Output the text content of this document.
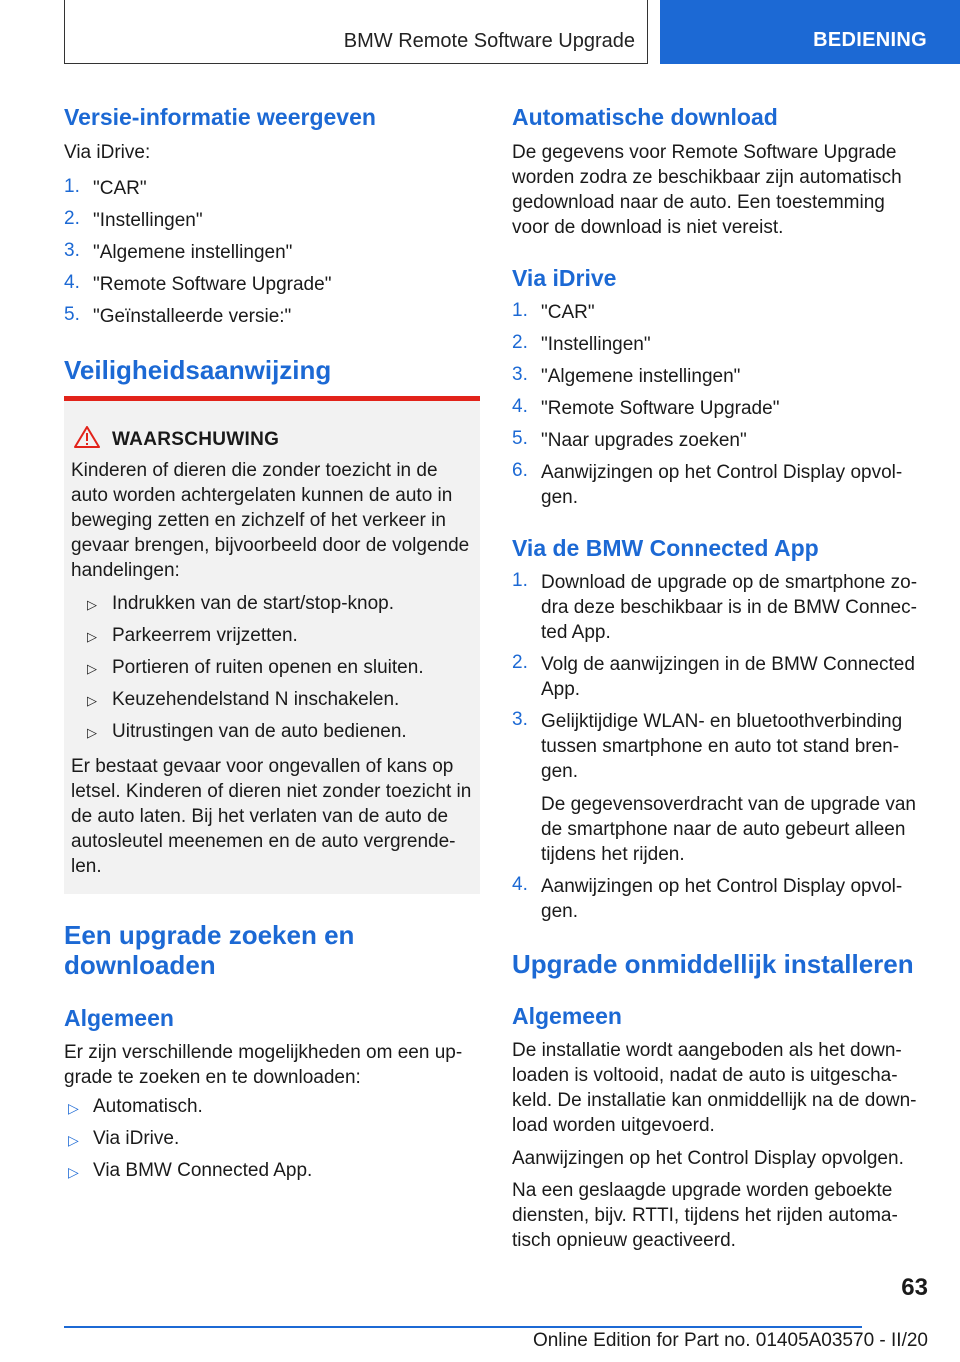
BMW Remote Software Upgrade	BEDIENING
Versie-informatie weergeven
Via iDrive:
1. "CAR"
2. "Instellingen"
3. "Algemene instellingen"
4. "Remote Software Upgrade"
5. "Geïnstalleerde versie:"
Veiligheidsaanwijzing
WAARSCHUWING
Kinderen of dieren die zonder toezicht in de auto worden achtergelaten kunnen de auto in beweging zetten en zichzelf of het verkeer in gevaar brengen, bijvoorbeeld door de volgende handelingen:
▷ Indrukken van de start/stop-knop.
▷ Parkeerrem vrijzetten.
▷ Portieren of ruiten openen en sluiten.
▷ Keuzehendelstand N inschakelen.
▷ Uitrustingen van de auto bedienen.
Er bestaat gevaar voor ongevallen of kans op letsel. Kinderen of dieren niet zonder toezicht in de auto laten. Bij het verlaten van de auto de autosleutel meenemen en de auto vergrende-len.
Een upgrade zoeken en downloaden
Algemeen
Er zijn verschillende mogelijkheden om een up-grade te zoeken en te downloaden:
▷ Automatisch.
▷ Via iDrive.
▷ Via BMW Connected App.
Automatische download
De gegevens voor Remote Software Upgrade worden zodra ze beschikbaar zijn automatisch gedownload naar de auto. Een toestemming voor de download is niet vereist.
Via iDrive
1. "CAR"
2. "Instellingen"
3. "Algemene instellingen"
4. "Remote Software Upgrade"
5. "Naar upgrades zoeken"
6. Aanwijzingen op het Control Display opvol-gen.
Via de BMW Connected App
1. Download de upgrade op de smartphone zo-dra deze beschikbaar is in de BMW Connec-ted App.
2. Volg de aanwijzingen in de BMW Connected App.
3. Gelijktijdige WLAN- en bluetoothverbinding tussen smartphone en auto tot stand bren-gen.
De gegevensoverdracht van de upgrade van de smartphone naar de auto gebeurt alleen tijdens het rijden.
4. Aanwijzingen op het Control Display opvol-gen.
Upgrade onmiddellijk installeren
Algemeen
De installatie wordt aangeboden als het down-loaden is voltooid, nadat de auto is uitgescha-keld. De installatie kan onmiddellijk na de down-load worden uitgevoerd.
Aanwijzingen op het Control Display opvolgen.
Na een geslaagde upgrade worden geboekte diensten, bijv. RTTI, tijdens het rijden automa-tisch opnieuw geactiveerd.
63
Online Edition for Part no. 01405A03570 - II/20
